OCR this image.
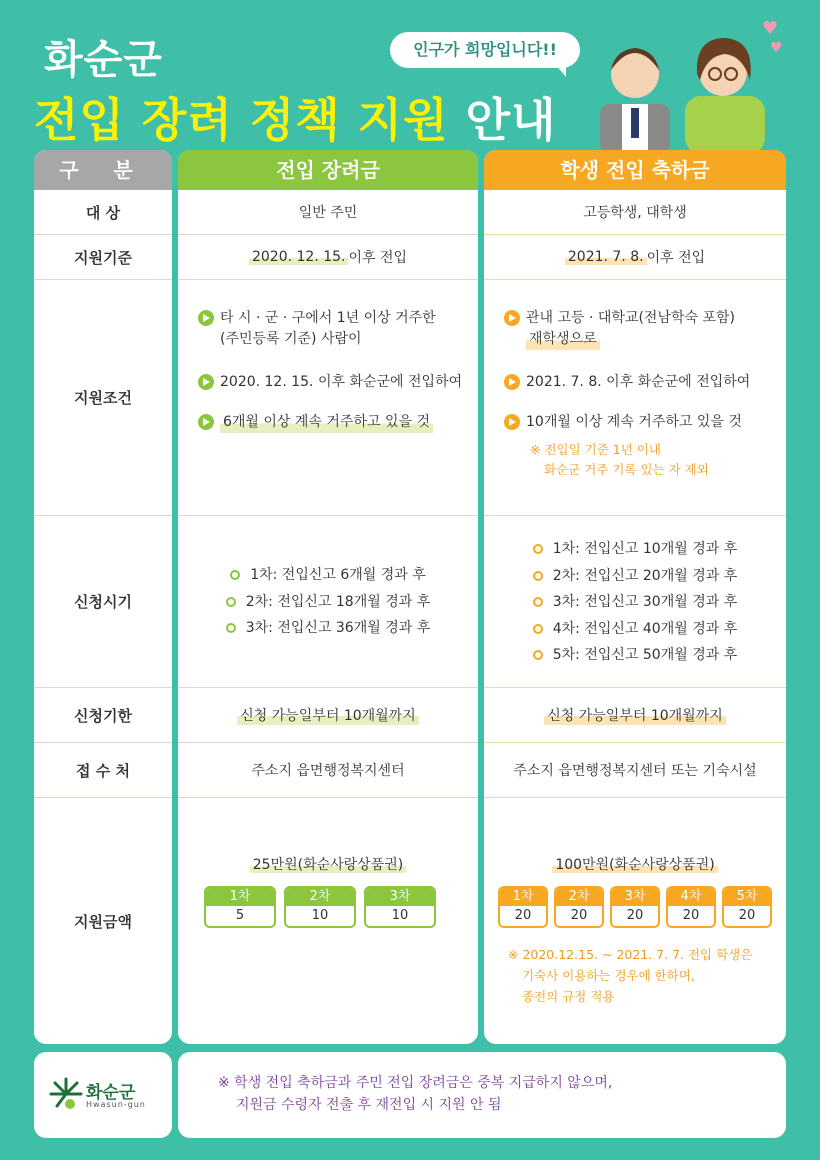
화순군
전입 장려 정책 지원 안내
인구가 희망입니다!!
♥
♥
구 분
대 상
지원기준
지원조건
신청시기
신청기한
접 수 처
지원금액
전입 장려금
일반 주민
2020. 12. 15. 이후 전입
타 시 · 군 · 구에서 1년 이상 거주한
(주민등록 기준) 사람이
2020. 12. 15. 이후 화순군에 전입하여
6개월 이상 계속 거주하고 있을 것
1차: 전입신고 6개월 경과 후
2차: 전입신고 18개월 경과 후
3차: 전입신고 36개월 경과 후
신청 가능일부터 10개월까지
주소지 읍면행정복지센터
25만원(화순사랑상품권)
1차
5
2차
10
3차
10
학생 전입 축하금
고등학생, 대학생
2021. 7. 8. 이후 전입
관내 고등 · 대학교(전남학숙 포함)
재학생으로
2021. 7. 8. 이후 화순군에 전입하여
10개월 이상 계속 거주하고 있을 것
※ 전입일 기준 1년 이내
화순군 거주 기록 있는 자 제외
1차: 전입신고 10개월 경과 후
2차: 전입신고 20개월 경과 후
3차: 전입신고 30개월 경과 후
4차: 전입신고 40개월 경과 후
5차: 전입신고 50개월 경과 후
신청 가능일부터 10개월까지
주소지 읍면행정복지센터 또는 기숙시설
100만원(화순사랑상품권)
1차
20
2차
20
3차
20
4차
20
5차
20
※ 2020.12.15. ~ 2021. 7. 7. 전입 학생은
기숙사 이용하는 경우에 한하며,
종전의 규정 적용
화순군
Hwasun-gun
※ 학생 전입 축하금과 주민 전입 장려금은 중복 지급하지 않으며,
지원금 수령자 전출 후 재전입 시 지원 안 됨
